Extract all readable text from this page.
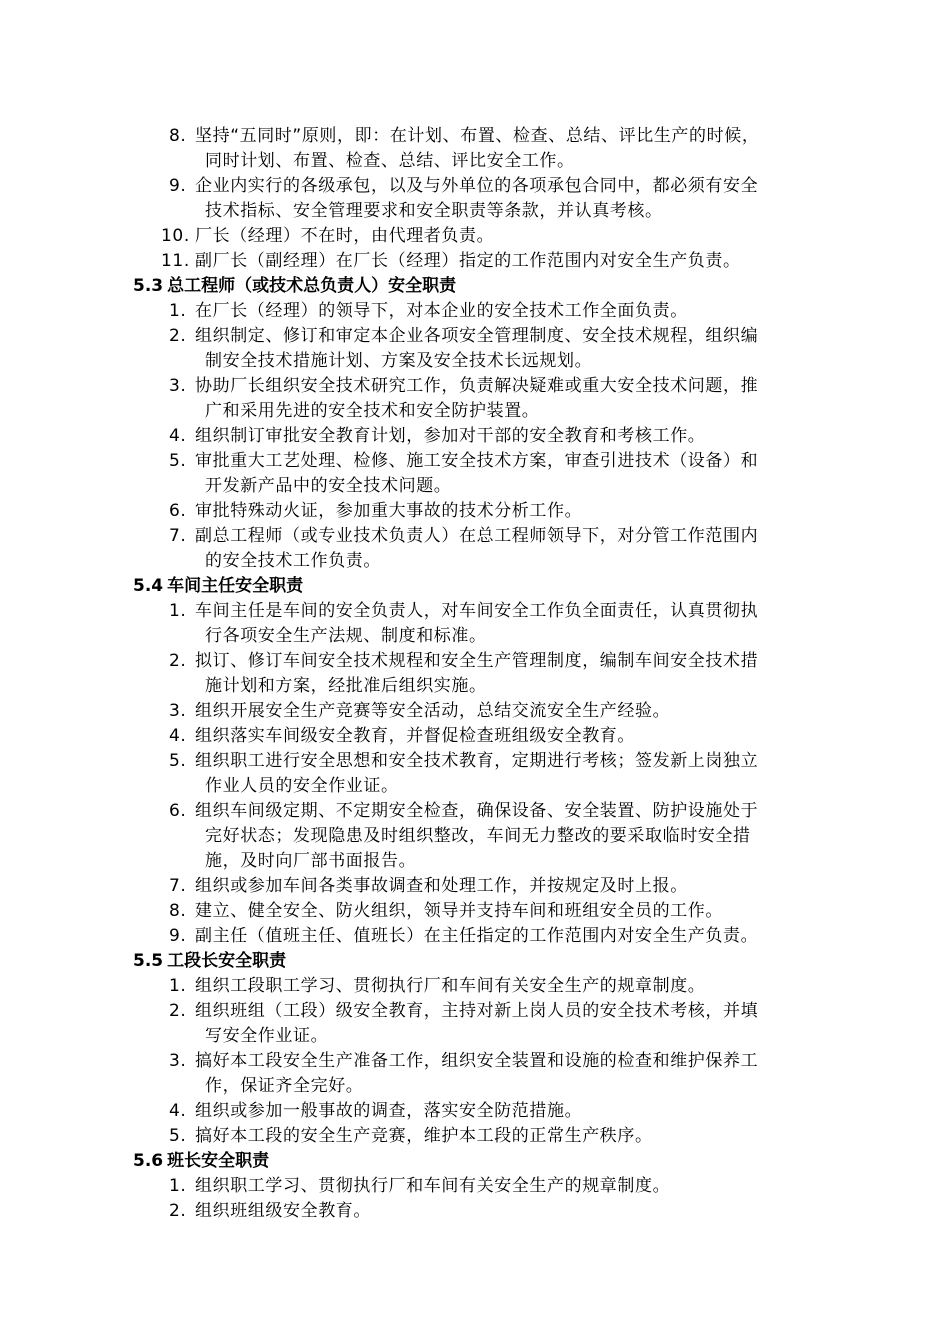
8. 坚持“五同时”原则，即：在计划、布置、检查、总结、评比生产的时候，
同时计划、布置、检查、总结、评比安全工作。
9. 企业内实行的各级承包，以及与外单位的各项承包合同中，都必须有安全
技术指标、安全管理要求和安全职责等条款，并认真考核。
10. 厂长（经理）不在时，由代理者负责。
11. 副厂长（副经理）在厂长（经理）指定的工作范围内对安全生产负责。
5.3 总工程师（或技术总负责人）安全职责
1. 在厂长（经理）的领导下，对本企业的安全技术工作全面负责。
2. 组织制定、修订和审定本企业各项安全管理制度、安全技术规程，组织编
制安全技术措施计划、方案及安全技术长远规划。
3. 协助厂长组织安全技术研究工作，负责解决疑难或重大安全技术问题，推
广和采用先进的安全技术和安全防护装置。
4. 组织制订审批安全教育计划，参加对干部的安全教育和考核工作。
5. 审批重大工艺处理、检修、施工安全技术方案，审查引进技术（设备）和
开发新产品中的安全技术问题。
6. 审批特殊动火证，参加重大事故的技术分析工作。
7. 副总工程师（或专业技术负责人）在总工程师领导下，对分管工作范围内
的安全技术工作负责。
5.4 车间主任安全职责
1. 车间主任是车间的安全负责人，对车间安全工作负全面责任，认真贯彻执
行各项安全生产法规、制度和标准。
2. 拟订、修订车间安全技术规程和安全生产管理制度，编制车间安全技术措
施计划和方案，经批准后组织实施。
3. 组织开展安全生产竞赛等安全活动，总结交流安全生产经验。
4. 组织落实车间级安全教育，并督促检查班组级安全教育。
5. 组织职工进行安全思想和安全技术教育，定期进行考核；签发新上岗独立
作业人员的安全作业证。
6. 组织车间级定期、不定期安全检查，确保设备、安全装置、防护设施处于
完好状态；发现隐患及时组织整改，车间无力整改的要采取临时安全措
施，及时向厂部书面报告。
7. 组织或参加车间各类事故调查和处理工作，并按规定及时上报。
8. 建立、健全安全、防火组织，领导并支持车间和班组安全员的工作。
9. 副主任（值班主任、值班长）在主任指定的工作范围内对安全生产负责。
5.5 工段长安全职责
1. 组织工段职工学习、贯彻执行厂和车间有关安全生产的规章制度。
2. 组织班组（工段）级安全教育，主持对新上岗人员的安全技术考核，并填
写安全作业证。
3. 搞好本工段安全生产准备工作，组织安全装置和设施的检查和维护保养工
作，保证齐全完好。
4. 组织或参加一般事故的调查，落实安全防范措施。
5. 搞好本工段的安全生产竞赛，维护本工段的正常生产秩序。
5.6 班长安全职责
1. 组织职工学习、贯彻执行厂和车间有关安全生产的规章制度。
2. 组织班组级安全教育。
